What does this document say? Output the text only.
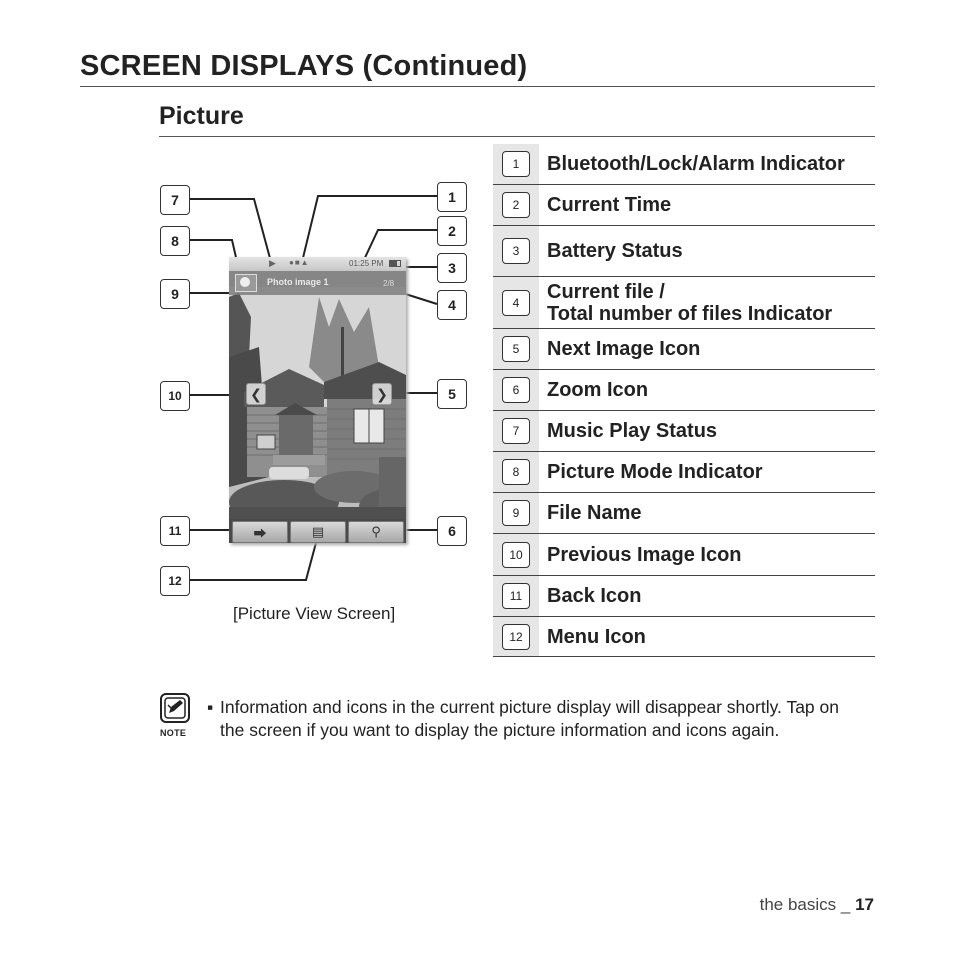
SCREEN DISPLAYS (Continued)
Picture
7
8
9
10
11
12
1
2
3
4
5
6
▶ ●■▲	01:25 PM
Photo image 1	2/8
❮	❯
⮕	▤	⚲
[Picture View Screen]
1	Bluetooth/Lock/Alarm Indicator
2	Current Time
3	Battery Status
4	Current file /
Total number of files Indicator
5	Next Image Icon
6	Zoom Icon
7	Music Play Status
8	Picture Mode Indicator
9	File Name
10	Previous Image Icon
11	Back Icon
12	Menu Icon
NOTE
▪ Information and icons in the current picture display will disappear shortly. Tap on the screen if you want to display the picture information and icons again.
the basics _ 17
